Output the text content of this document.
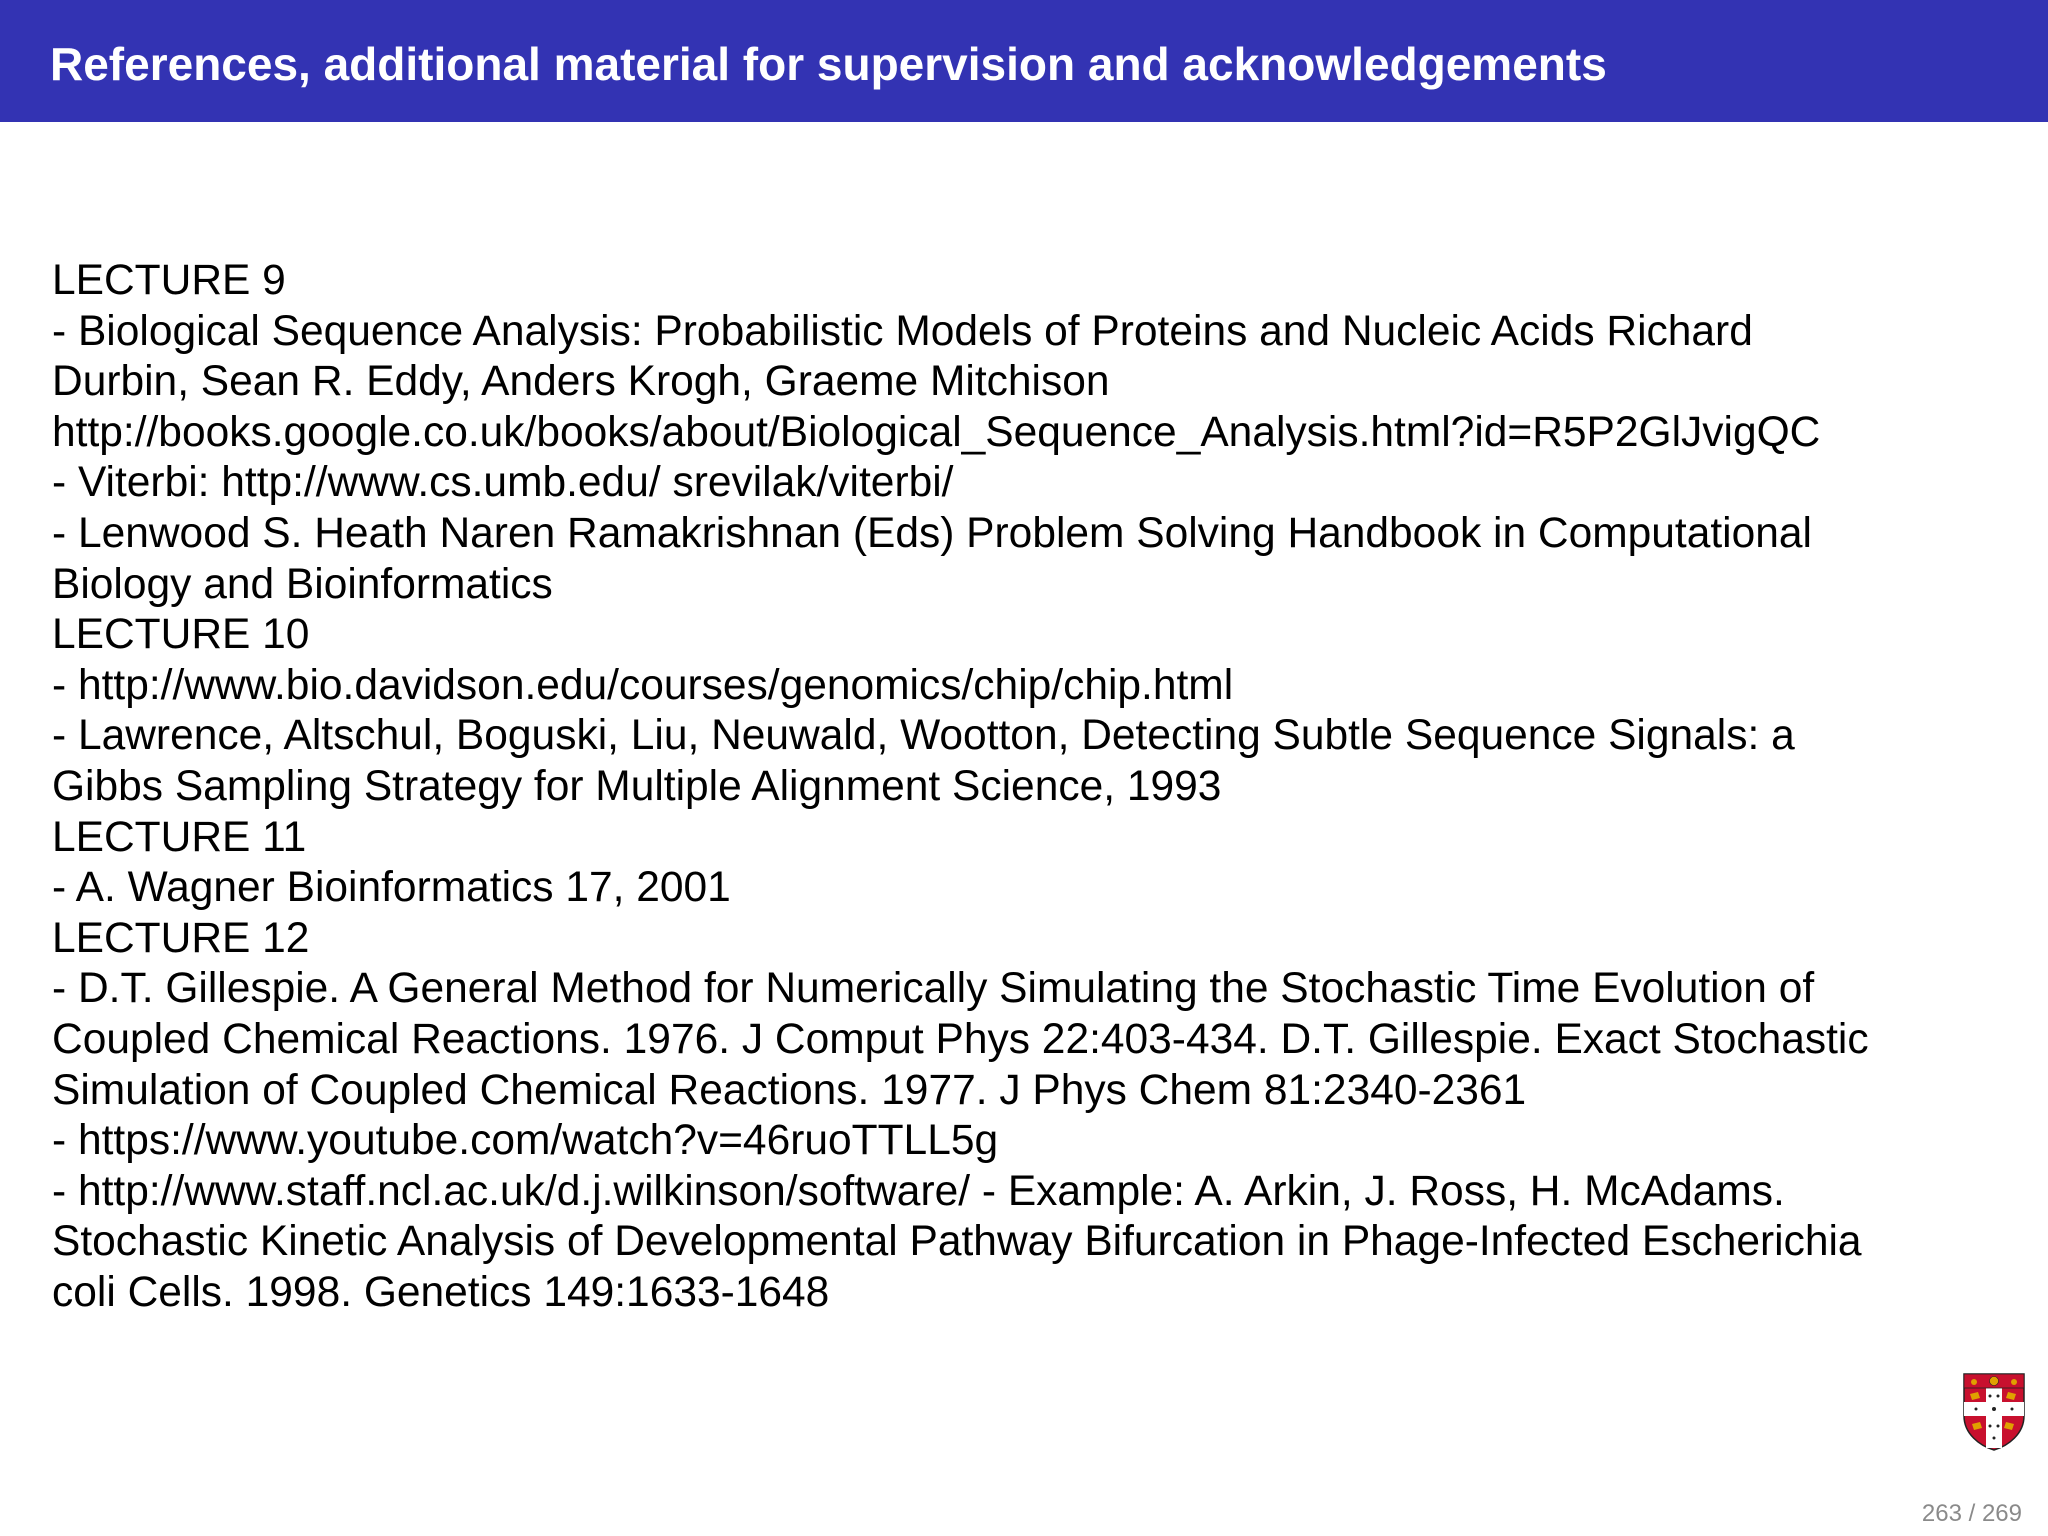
References, additional material for supervision and acknowledgements
LECTURE 9
- Biological Sequence Analysis: Probabilistic Models of Proteins and Nucleic Acids Richard
Durbin, Sean R. Eddy, Anders Krogh, Graeme Mitchison
http://books.google.co.uk/books/about/Biological_Sequence_Analysis.html?id=R5P2GlJvigQC
- Viterbi: http://www.cs.umb.edu/ srevilak/viterbi/
- Lenwood S. Heath Naren Ramakrishnan (Eds) Problem Solving Handbook in Computational
Biology and Bioinformatics
LECTURE 10
- http://www.bio.davidson.edu/courses/genomics/chip/chip.html
- Lawrence, Altschul, Boguski, Liu, Neuwald, Wootton, Detecting Subtle Sequence Signals: a
Gibbs Sampling Strategy for Multiple Alignment Science, 1993
LECTURE 11
- A. Wagner Bioinformatics 17, 2001
LECTURE 12
- D.T. Gillespie. A General Method for Numerically Simulating the Stochastic Time Evolution of
Coupled Chemical Reactions. 1976. J Comput Phys 22:403-434. D.T. Gillespie. Exact Stochastic
Simulation of Coupled Chemical Reactions. 1977. J Phys Chem 81:2340-2361
- https://www.youtube.com/watch?v=46ruoTTLL5g
- http://www.staff.ncl.ac.uk/d.j.wilkinson/software/ - Example: A. Arkin, J. Ross, H. McAdams.
Stochastic Kinetic Analysis of Developmental Pathway Bifurcation in Phage-Infected Escherichia
coli Cells. 1998. Genetics 149:1633-1648
263 / 269
